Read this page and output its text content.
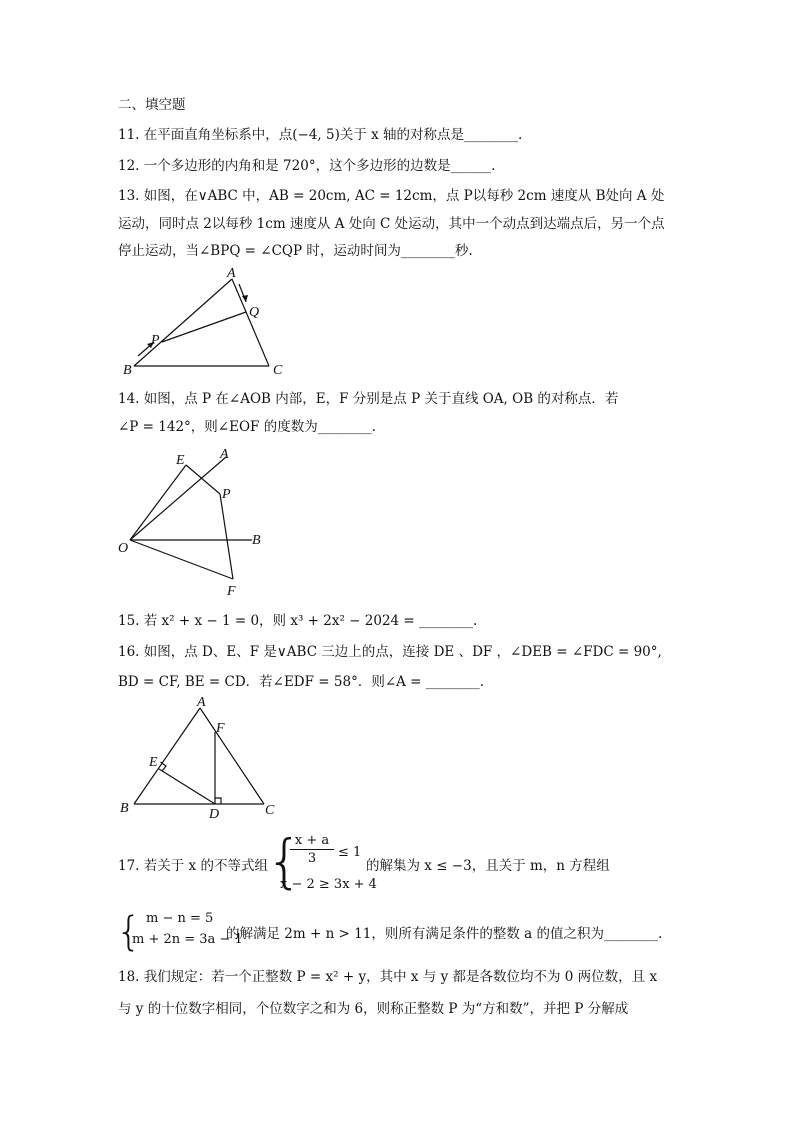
二、填空题
11. 在平面直角坐标系中，点(−4, 5)关于 x 轴的对称点是________.
12. 一个多边形的内角和是 720°，这个多边形的边数是______.
13. 如图，在∨ABC 中，AB = 20cm, AC = 12cm，点 P以每秒 2cm 速度从 B处向 A 处
运动，同时点 2以每秒 1cm 速度从 A 处向 C 处运动，其中一个动点到达端点后，另一个点
停止运动，当∠BPQ = ∠CQP 时，运动时间为________秒.
A
B	C
P
Q
14. 如图，点 P 在∠AOB 内部，E，F 分别是点 P 关于直线 OA, OB 的对称点．若
∠P = 142°，则∠EOF 的度数为________.
E	A
P
O
B
F
15. 若 x² + x − 1 = 0，则 x³ + 2x² − 2024 = ________.
16. 如图，点 D、E、F 是∨ABC 三边上的点，连接 DE 、DF ，∠DEB = ∠FDC = 90°,
BD = CF, BE = CD．若∠EDF = 58°．则∠A = ________.
A
F
E
B	D	C
17. 若关于 x 的不等式组
{
x + a
3	≤ 1
x − 2 ≥ 3x + 4
的解集为 x ≤ −3，且关于 m，n 方程组
{ m − n = 5
m + 2n = 3a − 1
的解满足 2m + n > 11，则所有满足条件的整数 a 的值之积为________.
18. 我们规定：若一个正整数 P = x² + y，其中 x 与 y 都是各数位均不为 0 两位数，且 x
与 y 的十位数字相同，个位数字之和为 6，则称正整数 P 为“方和数”，并把 P 分解成
